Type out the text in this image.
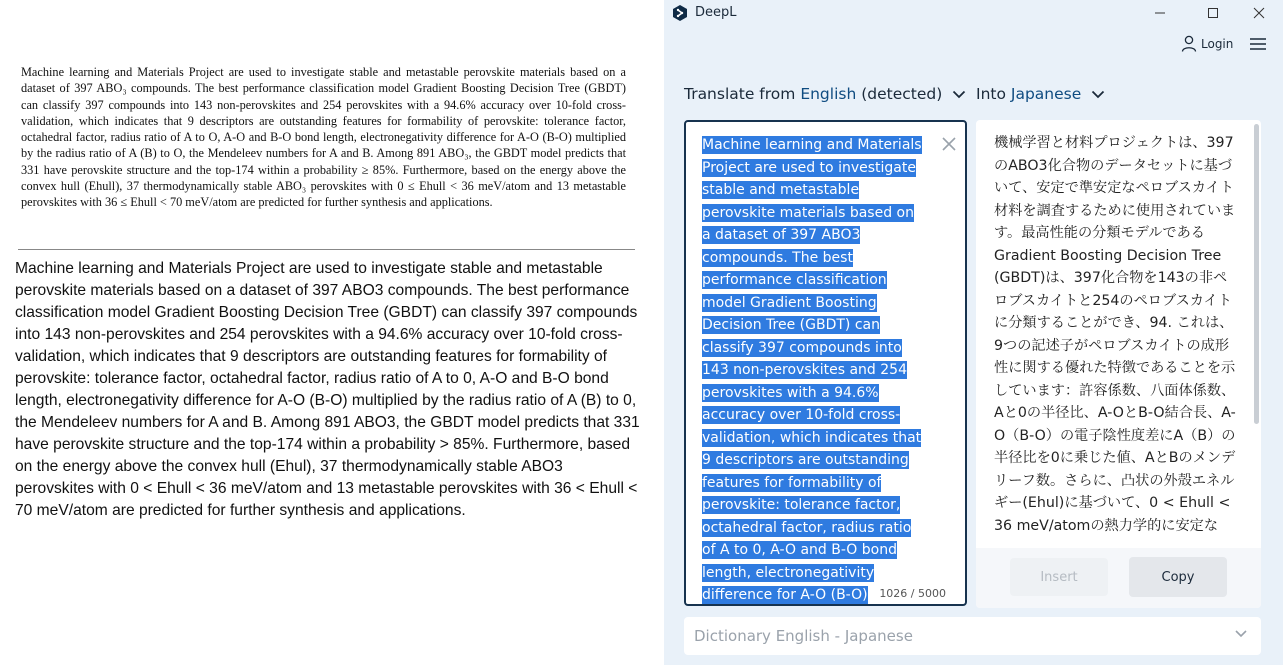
Machine learning and Materials Project are used to investigate stable and metastable perovskite materials based on a dataset of 397 ABO₃ compounds. The best performance classification model Gradient Boosting Decision Tree (GBDT) can classify 397 compounds into 143 non-perovskites and 254 perovskites with a 94.6% accuracy over 10-fold cross-validation, which indicates that 9 descriptors are outstanding features for formability of perovskite: tolerance factor, octahedral factor, radius ratio of A to O, A-O and B-O bond length, electronegativity difference for A-O (B-O) multiplied by the radius ratio of A (B) to O, the Mendeleev numbers for A and B. Among 891 ABO₃, the GBDT model predicts that 331 have perovskite structure and the top-174 within a probability ≥ 85%. Furthermore, based on the energy above the convex hull (Ehull), 37 thermodynamically stable ABO₃ perovskites with 0 ≤ Ehull < 36 meV/atom and 13 metastable perovskites with 36 ≤ Ehull < 70 meV/atom are predicted for further synthesis and applications.

Machine learning and Materials Project are used to investigate stable and metastable perovskite materials based on a dataset of 397 ABO3 compounds. The best performance classification model Gradient Boosting Decision Tree (GBDT) can classify 397 compounds into 143 non-perovskites and 254 perovskites with a 94.6% accuracy over 10-fold cross-validation, which indicates that 9 descriptors are outstanding features for formability of perovskite: tolerance factor, octahedral factor, radius ratio of A to 0, A-O and B-O bond length, electronegativity difference for A-O (B-O) multiplied by the radius ratio of A (B) to 0, the Mendeleev numbers for A and B. Among 891 ABO3, the GBDT model predicts that 331 have perovskite structure and the top-174 within a probability > 85%. Furthermore, based on the energy above the convex hull (Ehul), 37 thermodynamically stable ABO3 perovskites with 0 < Ehull < 36 meV/atom and 13 metastable perovskites with 36 < Ehull < 70 meV/atom are predicted for further synthesis and applications.

DeepL
Login
Translate from English (detected) Into Japanese

Machine learning and Materials Project are used to investigate stable and metastable perovskite materials based on a dataset of 397 ABO3 compounds. The best performance classification model Gradient Boosting Decision Tree (GBDT) can classify 397 compounds into 143 non-perovskites and 254 perovskites with a 94.6% accuracy over 10-fold cross-validation, which indicates that 9 descriptors are outstanding features for formability of perovskite: tolerance factor, octahedral factor, radius ratio of A to 0, A-O and B-O bond length, electronegativity difference for A-O (B-O)	1026 / 5000

機械学習と材料プロジェクトは、397のABO3化合物のデータセットに基づいて、安定で準安定なペロブスカイト材料を調査するために使用されています。最高性能の分類モデルであるGradient Boosting Decision Tree (GBDT)は、397化合物を143の非ペロブスカイトと254のペロブスカイトに分類することができ、94. これは、9つの記述子がペロブスカイトの成形性に関する優れた特徴であることを示しています：許容係数、八面体係数、Aと0の半径比、A-OとB-O結合長、A-O（B-O）の電子陰性度差にA（B）の半径比を0に乗じた値、AとBのメンデリーフ数。さらに、凸状の外殻エネルギー(Ehul)に基づいて、0 < Ehull < 36 meV/atomの熱力学的に安定な

Insert	Copy
Dictionary English - Japanese
